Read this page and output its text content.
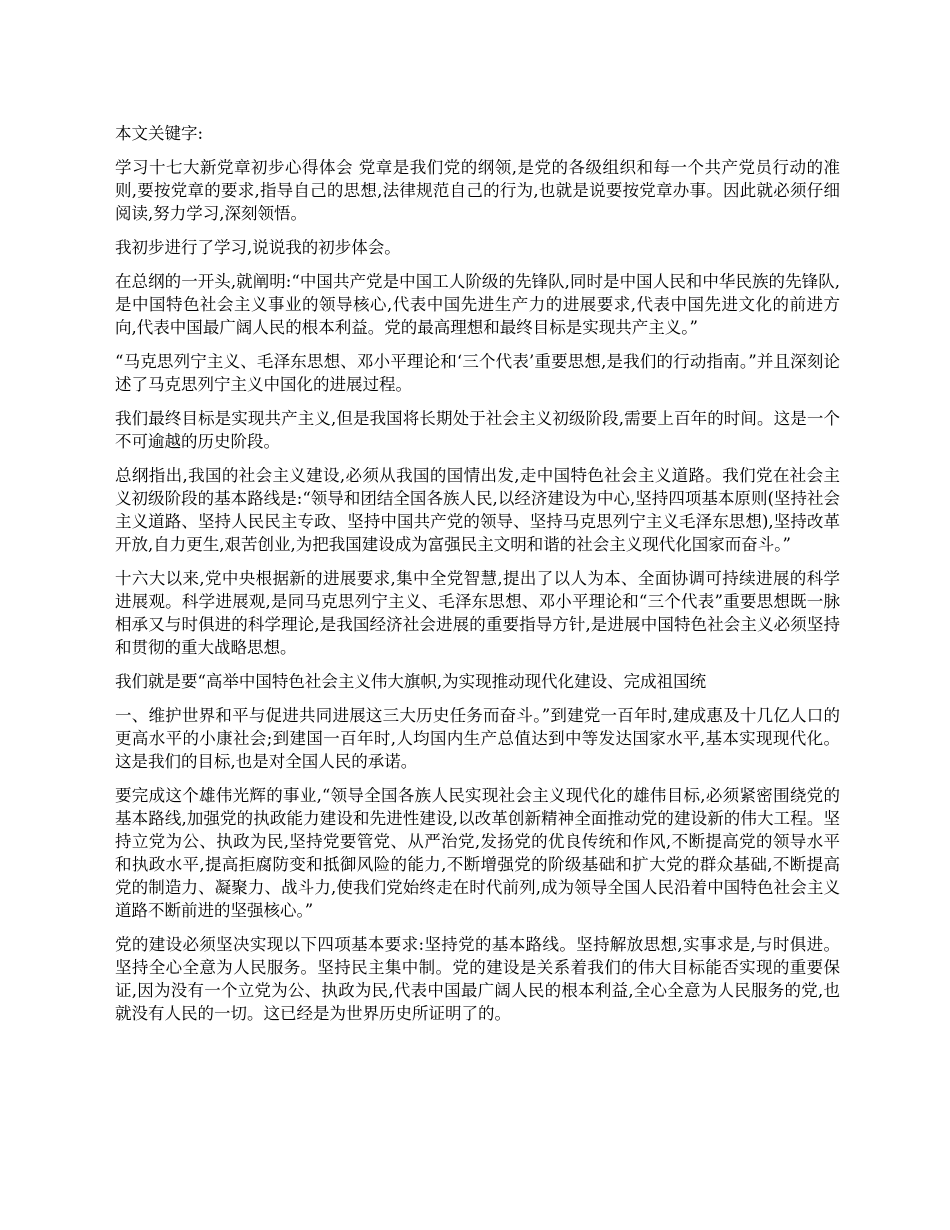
本文关键字:

学习十七大新党章初步心得体会 党章是我们党的纲领,是党的各级组织和每一个共产党员行动的准则,要按党章的要求,指导自己的思想,法律规范自己的行为,也就是说要按党章办事。因此就必须仔细阅读,努力学习,深刻领悟。

我初步进行了学习,说说我的初步体会。

在总纲的一开头,就阐明:“中国共产党是中国工人阶级的先锋队,同时是中国人民和中华民族的先锋队,是中国特色社会主义事业的领导核心,代表中国先进生产力的进展要求,代表中国先进文化的前进方向,代表中国最广阔人民的根本利益。党的最高理想和最终目标是实现共产主义。”

“马克思列宁主义、毛泽东思想、邓小平理论和‘三个代表’重要思想,是我们的行动指南。”并且深刻论述了马克思列宁主义中国化的进展过程。

我们最终目标是实现共产主义,但是我国将长期处于社会主义初级阶段,需要上百年的时间。这是一个不可逾越的历史阶段。

总纲指出,我国的社会主义建设,必须从我国的国情出发,走中国特色社会主义道路。我们党在社会主义初级阶段的基本路线是:“领导和团结全国各族人民,以经济建设为中心,坚持四项基本原则(坚持社会主义道路、坚持人民民主专政、坚持中国共产党的领导、坚持马克思列宁主义毛泽东思想),坚持改革开放,自力更生,艰苦创业,为把我国建设成为富强民主文明和谐的社会主义现代化国家而奋斗。”

十六大以来,党中央根据新的进展要求,集中全党智慧,提出了以人为本、全面协调可持续进展的科学进展观。科学进展观,是同马克思列宁主义、毛泽东思想、邓小平理论和“三个代表”重要思想既一脉相承又与时俱进的科学理论,是我国经济社会进展的重要指导方针,是进展中国特色社会主义必须坚持和贯彻的重大战略思想。

我们就是要“高举中国特色社会主义伟大旗帜,为实现推动现代化建设、完成祖国统

一、维护世界和平与促进共同进展这三大历史任务而奋斗。”到建党一百年时,建成惠及十几亿人口的更高水平的小康社会;到建国一百年时,人均国内生产总值达到中等发达国家水平,基本实现现代化。这是我们的目标,也是对全国人民的承诺。

要完成这个雄伟光辉的事业,“领导全国各族人民实现社会主义现代化的雄伟目标,必须紧密围绕党的基本路线,加强党的执政能力建设和先进性建设,以改革创新精神全面推动党的建设新的伟大工程。坚持立党为公、执政为民,坚持党要管党、从严治党,发扬党的优良传统和作风,不断提高党的领导水平和执政水平,提高拒腐防变和抵御风险的能力,不断增强党的阶级基础和扩大党的群众基础,不断提高党的制造力、凝聚力、战斗力,使我们党始终走在时代前列,成为领导全国人民沿着中国特色社会主义道路不断前进的坚强核心。”

党的建设必须坚决实现以下四项基本要求:坚持党的基本路线。坚持解放思想,实事求是,与时俱进。坚持全心全意为人民服务。坚持民主集中制。党的建设是关系着我们的伟大目标能否实现的重要保证,因为没有一个立党为公、执政为民,代表中国最广阔人民的根本利益,全心全意为人民服务的党,也就没有人民的一切。这已经是为世界历史所证明了的。
